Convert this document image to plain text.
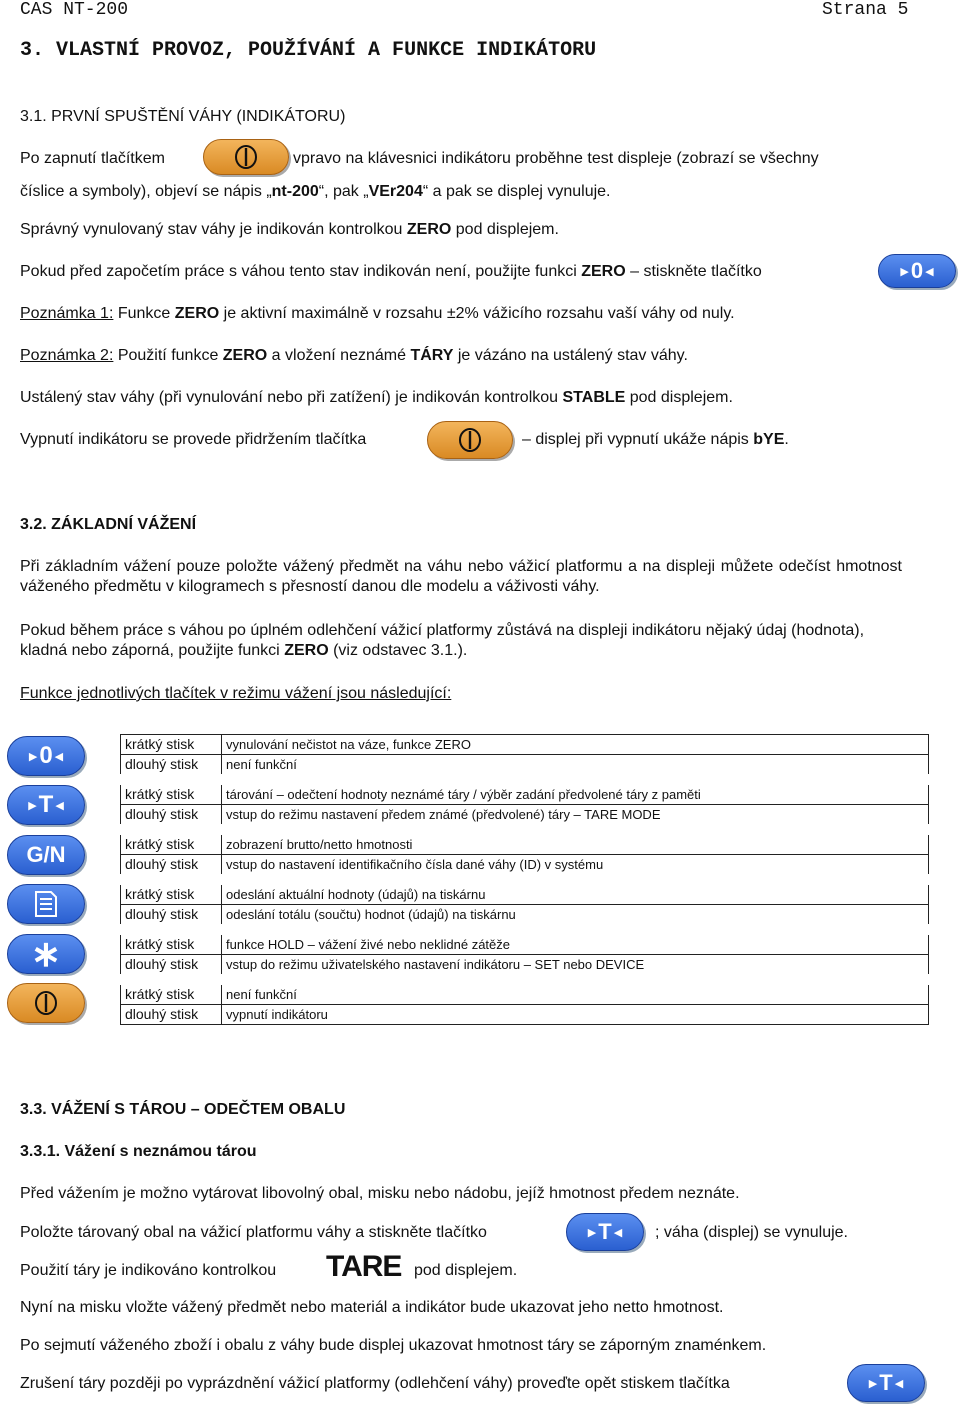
CAS NT-200	Strana 5
3. VLASTNÍ PROVOZ, POUŽÍVÁNÍ A FUNKCE INDIKÁTORU
3.1. PRVNÍ SPUŠTĚNÍ VÁHY (INDIKÁTORU)
Po zapnutí tlačítkem	vpravo na klávesnici indikátoru proběhne test displeje (zobrazí se všechny
číslice a symboly), objeví se nápis „nt-200“, pak „VEr204“ a pak se displej vynuluje.
Správný vynulovaný stav váhy je indikován kontrolkou ZERO pod displejem.
Pokud před započetím práce s váhou tento stav indikován není, použijte funkci ZERO – stiskněte tlačítko	▶ 0 ◀
Poznámka 1: Funkce ZERO je aktivní maximálně v rozsahu ±2% vážicího rozsahu vaší váhy od nuly.
Poznámka 2: Použití funkce ZERO a vložení neznámé TÁRY je vázáno na ustálený stav váhy.
Ustálený stav váhy (při vynulování nebo při zatížení) je indikován kontrolkou STABLE pod displejem.
Vypnutí indikátoru se provede přidržením tlačítka	– displej při vypnutí ukáže nápis bYE.
3.2. ZÁKLADNÍ VÁŽENÍ
Při základním vážení pouze položte vážený předmět na váhu nebo vážicí platformu a na displeji můžete odečíst hmotnost váženého předmětu v kilogramech s přesností danou dle modelu a váživosti váhy.
Pokud během práce s váhou po úplném odlehčení vážicí platformy zůstává na displeji indikátoru nějaký údaj (hodnota), kladná nebo záporná, použijte funkci ZERO (viz odstavec 3.1.).
Funkce jednotlivých tlačítek v režimu vážení jsou následující:
▶ 0 ◀
▶ T ◀
G/N
∗
krátký stisk	vynulování nečistot na váze, funkce ZERO
dlouhý stisk	není funkční
krátký stisk	tárování – odečtení hodnoty neznámé táry / výběr zadání předvolené táry z paměti
dlouhý stisk	vstup do režimu nastavení předem známé (předvolené) táry – TARE MODE
krátký stisk	zobrazení brutto/netto hmotnosti
dlouhý stisk	vstup do nastavení identifikačního čísla dané váhy (ID) v systému
krátký stisk	odeslání aktuální hodnoty (údajů) na tiskárnu
dlouhý stisk	odeslání totálu (součtu) hodnot (údajů) na tiskárnu
krátký stisk	funkce HOLD – vážení živé nebo neklidné zátěže
dlouhý stisk	vstup do režimu uživatelského nastavení indikátoru – SET nebo DEVICE
krátký stisk	není funkční
dlouhý stisk	vypnutí indikátoru
3.3. VÁŽENÍ S TÁROU – ODEČTEM OBALU
3.3.1. Vážení s neznámou tárou
Před vážením je možno vytárovat libovolný obal, misku nebo nádobu, jejíž hmotnost předem neznáte.
Položte tárovaný obal na vážicí platformu váhy a stiskněte tlačítko	▶ T ◀ ; váha (displej) se vynuluje.
Použití táry je indikováno kontrolkou TARE pod displejem.
Nyní na misku vložte vážený předmět nebo materiál a indikátor bude ukazovat jeho netto hmotnost.
Po sejmutí váženého zboží i obalu z váhy bude displej ukazovat hmotnost táry se záporným znaménkem.
Zrušení táry později po vyprázdnění vážicí platformy (odlehčení váhy) proveďte opět stiskem tlačítka	▶ T ◀
